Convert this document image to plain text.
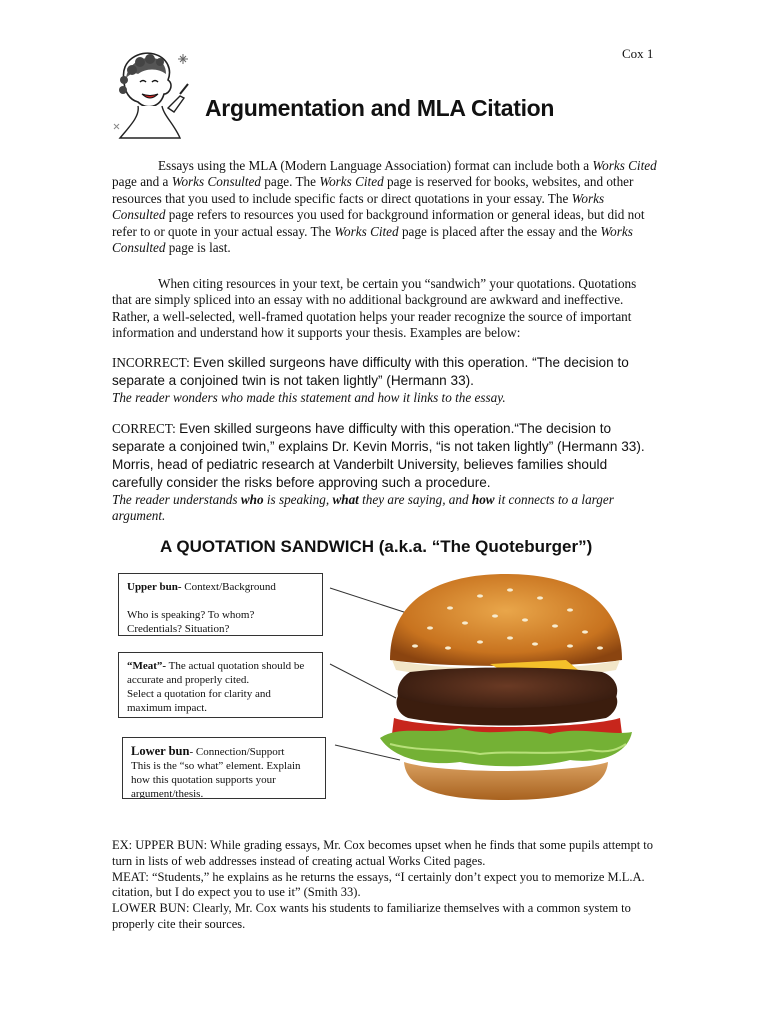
Cox 1
Argumentation and MLA Citation

Essays using the MLA (Modern Language Association) format can include both a Works Cited page and a Works Consulted page. The Works Cited page is reserved for books, websites, and other resources that you used to include specific facts or direct quotations in your essay. The Works Consulted page refers to resources you used for background information or general ideas, but did not refer to or quote in your actual essay. The Works Cited page is placed after the essay and the Works Consulted page is last.

When citing resources in your text, be certain you “sandwich” your quotations. Quotations that are simply spliced into an essay with no additional background are awkward and ineffective. Rather, a well-selected, well-framed quotation helps your reader recognize the source of important information and understand how it supports your thesis. Examples are below:

INCORRECT: Even skilled surgeons have difficulty with this operation. “The decision to separate a conjoined twin is not taken lightly” (Hermann 33).
The reader wonders who made this statement and how it links to the essay.

CORRECT: Even skilled surgeons have difficulty with this operation.“The decision to separate a conjoined twin,” explains Dr. Kevin Morris, “is not taken lightly” (Hermann 33). Morris, head of pediatric research at Vanderbilt University, believes families should carefully consider the risks before approving such a procedure.
The reader understands who is speaking, what they are saying, and how it connects to a larger argument.

A QUOTATION SANDWICH (a.k.a. “The Quoteburger”)
Upper bun- Context/Background

Who is speaking? To whom?
Credentials? Situation?
“Meat”- The actual quotation should be accurate and properly cited.
Select a quotation for clarity and maximum impact.
Lower bun- Connection/Support
This is the “so what” element. Explain how this quotation supports your argument/thesis.

EX: UPPER BUN: While grading essays, Mr. Cox becomes upset when he finds that some pupils attempt to turn in lists of web addresses instead of creating actual Works Cited pages.

MEAT: “Students,” he explains as he returns the essays, “I certainly don’t expect you to memorize M.L.A. citation, but I do expect you to use it” (Smith 33).

LOWER BUN: Clearly, Mr. Cox wants his students to familiarize themselves with a common system to properly cite their sources.
